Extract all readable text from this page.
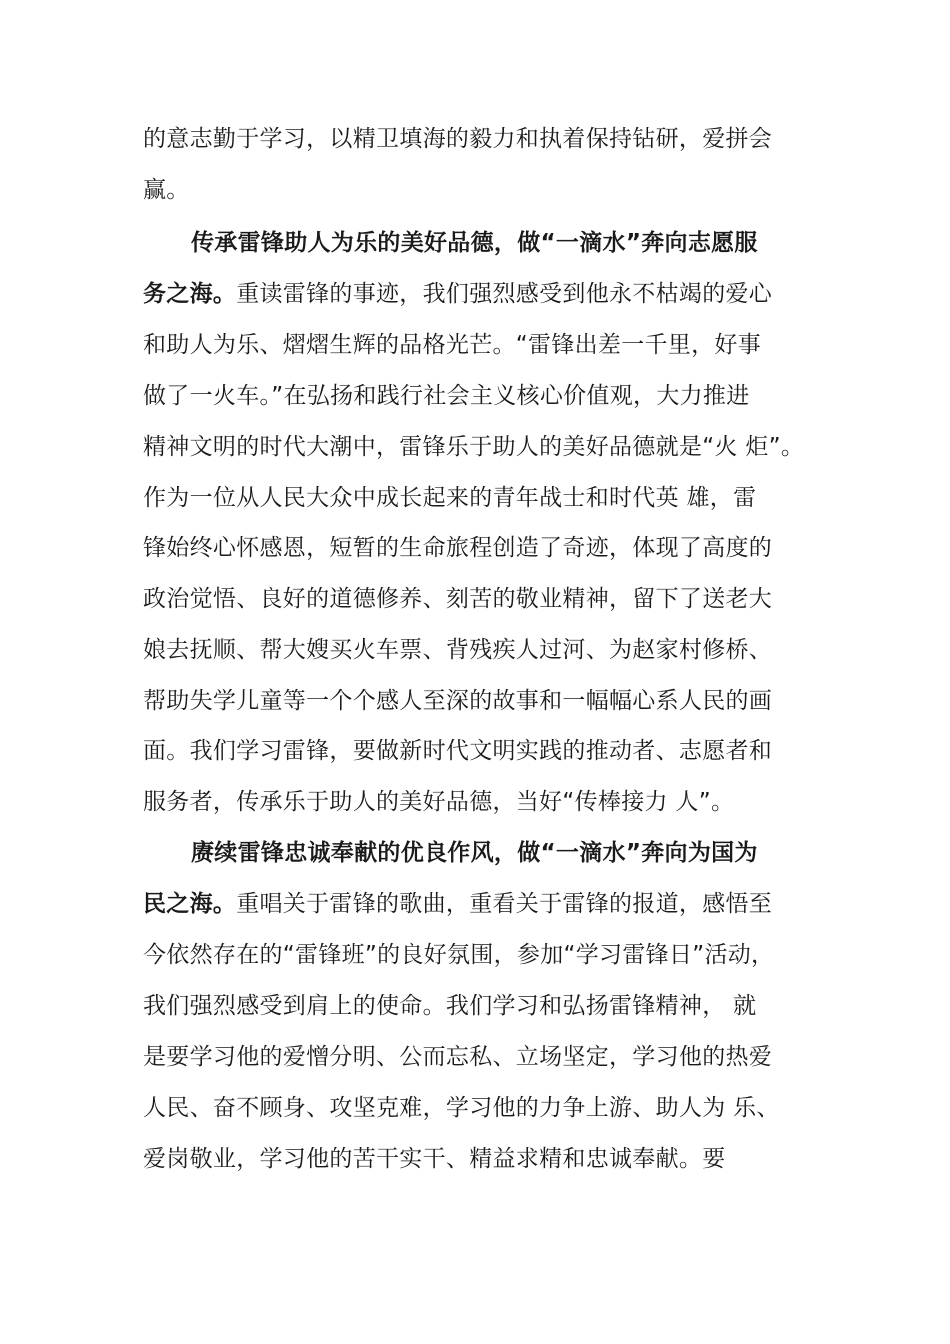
的意志勤于学习，以精卫填海的毅力和执着保持钻研，爱拼会
赢。
传承雷锋助人为乐的美好品德，做“一滴水”奔向志愿服
务之海。重读雷锋的事迹，我们强烈感受到他永不枯竭的爱心
和助人为乐、熠熠生辉的品格光芒。“雷锋出差一千里，好事
做了一火车。”在弘扬和践行社会主义核心价值观，大力推进
精神文明的时代大潮中，雷锋乐于助人的美好品德就是“火 炬”。
作为一位从人民大众中成长起来的青年战士和时代英 雄，雷
锋始终心怀感恩，短暂的生命旅程创造了奇迹，体现了高度的
政治觉悟、良好的道德修养、刻苦的敬业精神，留下了送老大
娘去抚顺、帮大嫂买火车票、背残疾人过河、为赵家村修桥、
帮助失学儿童等一个个感人至深的故事和一幅幅心系人民的画
面。我们学习雷锋，要做新时代文明实践的推动者、志愿者和
服务者，传承乐于助人的美好品德，当好“传棒接力 人”。
赓续雷锋忠诚奉献的优良作风，做“一滴水”奔向为国为
民之海。重唱关于雷锋的歌曲，重看关于雷锋的报道，感悟至
今依然存在的“雷锋班”的良好氛围，参加“学习雷锋日”活动，
我们强烈感受到肩上的使命。我们学习和弘扬雷锋精神， 就
是要学习他的爱憎分明、公而忘私、立场坚定，学习他的热爱
人民、奋不顾身、攻坚克难，学习他的力争上游、助人为 乐、
爱岗敬业，学习他的苦干实干、精益求精和忠诚奉献。要
